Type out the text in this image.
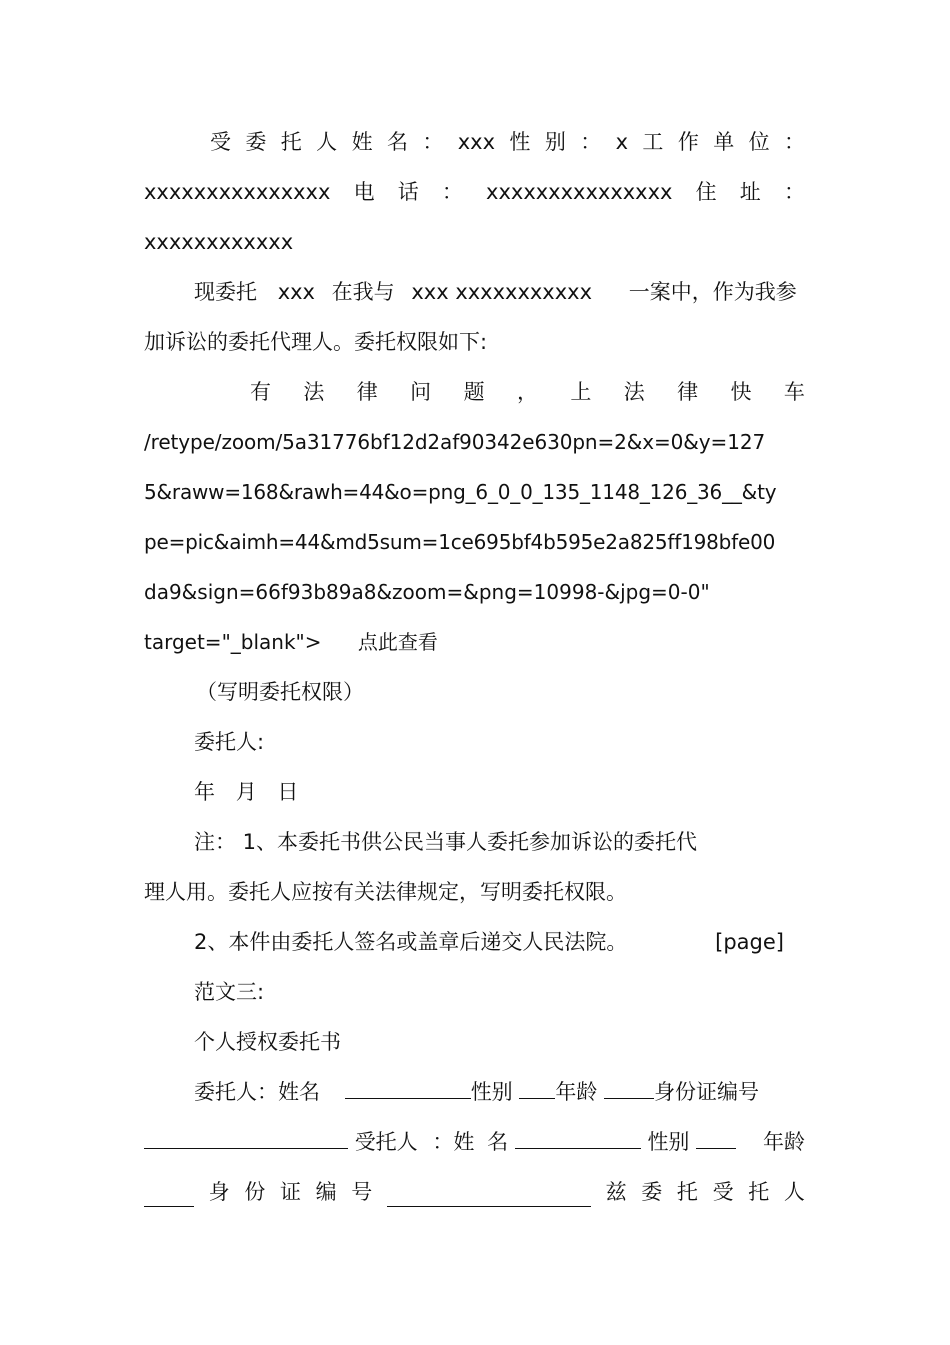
受 委 托 人 姓 名 ： xxx 性 别 ： x 工 作 单 位 ：
xxxxxxxxxxxxxxx 电 话 ： xxxxxxxxxxxxxxx 住 址 ：
xxxxxxxxxxxx
现委托 xxx 在我与 xxx xxxxxxxxxxx 一案中，作为我参
加诉讼的委托代理人。委托权限如下:
有 法 律 问 题 ， 上 法 律 快 车
/retype/zoom/5a31776bf12d2af90342e630pn=2&x=0&y=127
5&raww=168&rawh=44&o=png_6_0_0_135_1148_126_36__&ty
pe=pic&aimh=44&md5sum=1ce695bf4b595e2a825ff198bfe00
da9&sign=66f93b89a8&zoom=&png=10998-&jpg=0-0"
target="_blank"> 点此查看
（写明委托权限）
委托人:
年 月 日
注： 1、本委托书供公民当事人委托参加诉讼的委托代
理人用。委托人应按有关法律规定，写明委托权限。
2、本件由委托人签名或盖章后递交人民法院。	[page]
范文三:
个人授权委托书
委托人：姓名	性别 年龄	身份证编号
受托人 ：姓 名	性别	年龄
身 份 证 编 号	兹 委 托 受 托 人
